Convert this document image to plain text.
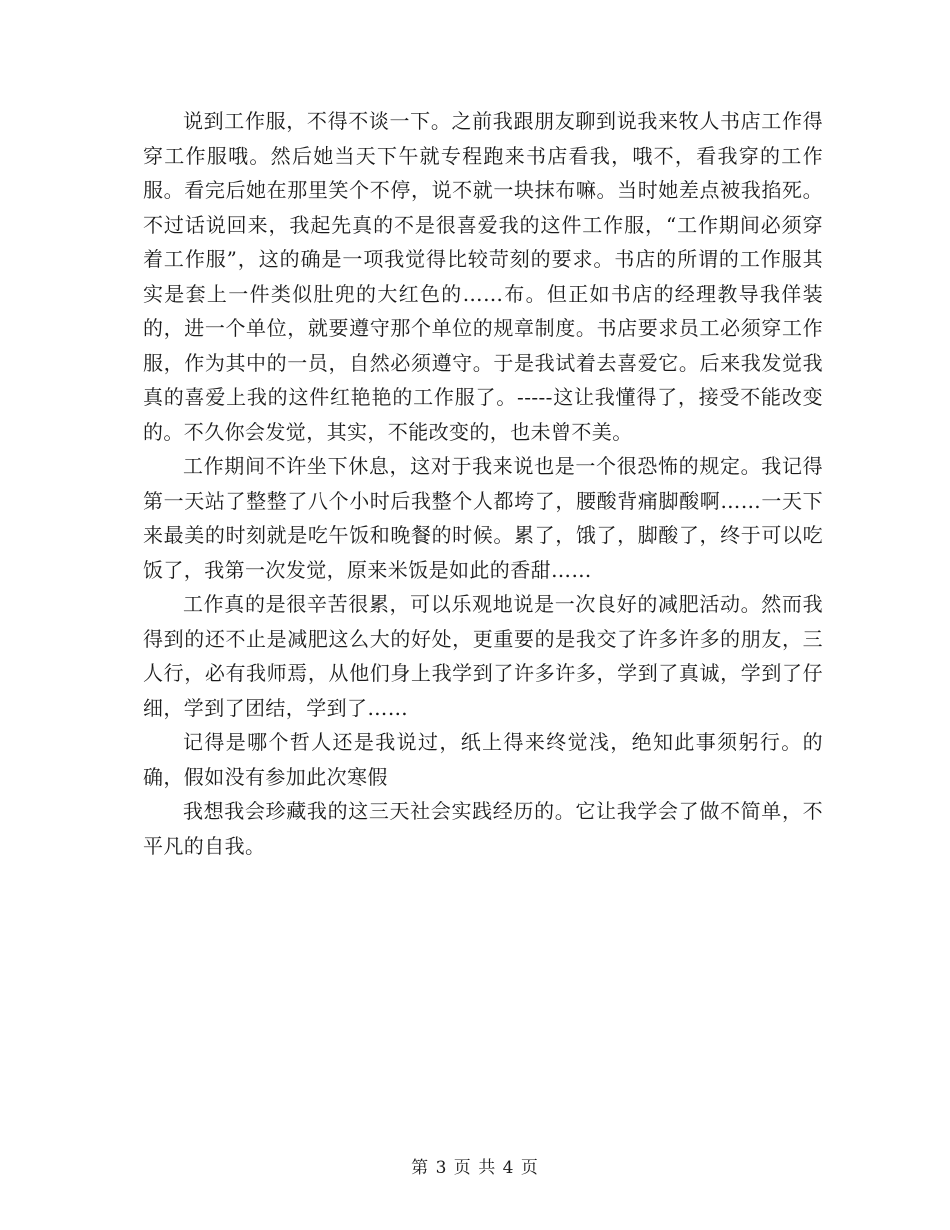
说到工作服，不得不谈一下。之前我跟朋友聊到说我来牧人书店工作得穿工作服哦。然后她当天下午就专程跑来书店看我，哦不，看我穿的工作服。看完后她在那里笑个不停，说不就一块抹布嘛。当时她差点被我掐死。不过话说回来，我起先真的不是很喜爱我的这件工作服，“工作期间必须穿着工作服”，这的确是一项我觉得比较苛刻的要求。书店的所谓的工作服其实是套上一件类似肚兜的大红色的……布。但正如书店的经理教导我佯装的，进一个单位，就要遵守那个单位的规章制度。书店要求员工必须穿工作服，作为其中的一员，自然必须遵守。于是我试着去喜爱它。后来我发觉我真的喜爱上我的这件红艳艳的工作服了。-----这让我懂得了，接受不能改变的。不久你会发觉，其实，不能改变的，也未曾不美。

工作期间不许坐下休息，这对于我来说也是一个很恐怖的规定。我记得第一天站了整整了八个小时后我整个人都垮了，腰酸背痛脚酸啊……一天下来最美的时刻就是吃午饭和晚餐的时候。累了，饿了，脚酸了，终于可以吃饭了，我第一次发觉，原来米饭是如此的香甜……

工作真的是很辛苦很累，可以乐观地说是一次良好的减肥活动。然而我得到的还不止是减肥这么大的好处，更重要的是我交了许多许多的朋友，三人行，必有我师焉，从他们身上我学到了许多许多，学到了真诚，学到了仔细，学到了团结，学到了……

记得是哪个哲人还是我说过，纸上得来终觉浅，绝知此事须躬行。的确，假如没有参加此次寒假

我想我会珍藏我的这三天社会实践经历的。它让我学会了做不简单，不平凡的自我。

第 3 页 共 4 页
